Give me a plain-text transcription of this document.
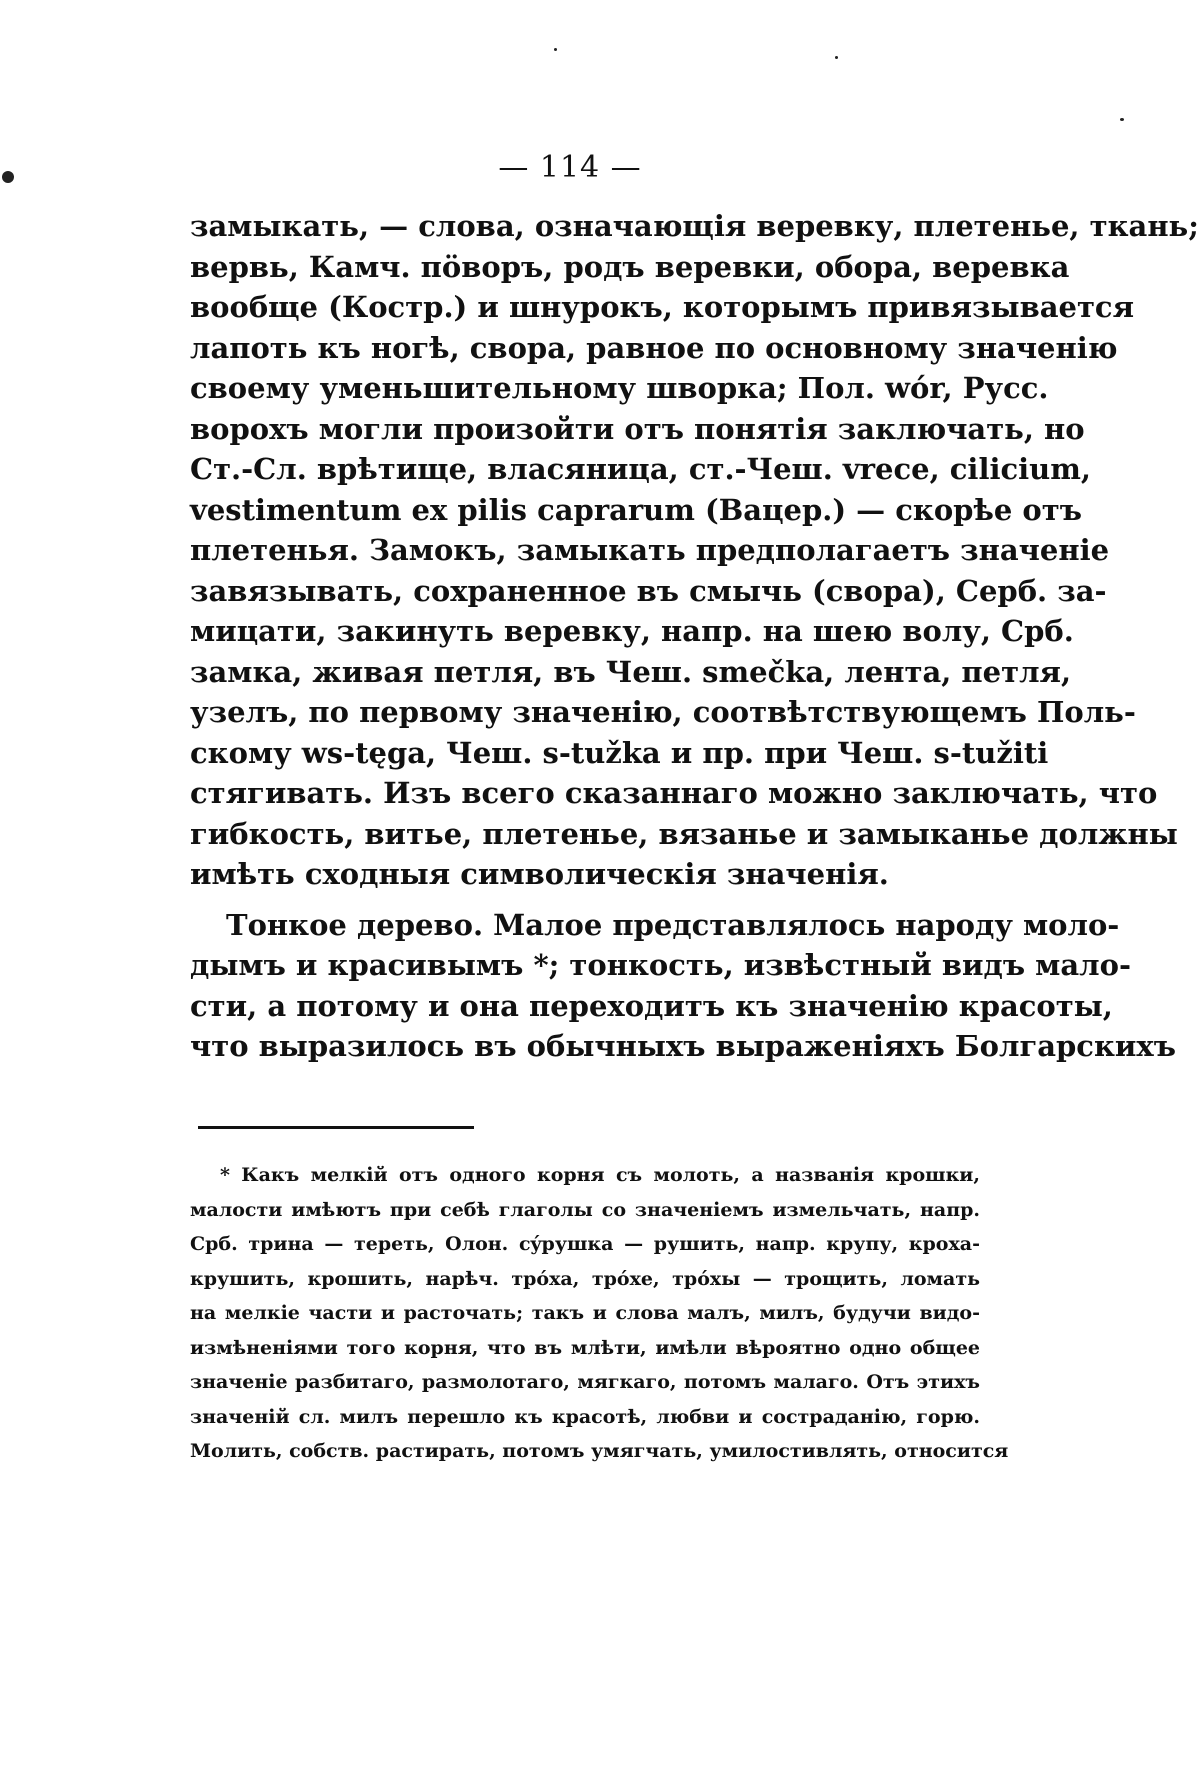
— 114 —
замыкать, — слова, означающія веревку, плетенье, ткань;
вервь, Камч. пӧворъ, родъ веревки, обора, веревка
вообще (Костр.) и шнурокъ, которымъ привязывается
лапоть къ ногѣ, свора, равное по основному значенію
своему уменьшительному шворка; Пол. wór, Русс.
ворохъ могли произойти отъ понятія заключать, но
Ст.-Сл. врѣтище, власяница, ст.-Чеш. vrece, cilicium,
vestimentum ex pilis caprarum (Вацер.) — скорѣе отъ
плетенья. Замокъ, замыкать предполагаетъ значеніе
завязывать, сохраненное въ смычь (свора), Серб. за-
мицати, закинуть веревку, напр. на шею волу, Срб.
замка, живая петля, въ Чеш. smečka, лента, петля,
узелъ, по первому значенію, соотвѣтствующемъ Поль-
скому ws-tęga, Чеш. s-tužka и пр. при Чеш. s-tužiti
стягивать. Изъ всего сказаннаго можно заключать, что
гибкость, витье, плетенье, вязанье и замыканье должны
имѣть сходныя символическія значенія.
Тонкое дерево. Малое представлялось народу моло-
дымъ и красивымъ *; тонкость, извѣстный видъ мало-
сти, а потому и она переходитъ къ значенію красоты,
что выразилось въ обычныхъ выраженіяхъ Болгарскихъ
* Какъ мелкій отъ одного корня съ молоть, а названія крошки,
малости имѣютъ при себѣ глаголы со значеніемъ измельчать, напр.
Срб. трина — тереть, Олон. сýрушка — рушить, напр. крупу, кроха-
крушить, крошить, нарѣч. трóха, трóхе, трóхы — трощить, ломать
на мелкіе части и расточать; такъ и слова малъ, милъ, будучи видо-
измѣненіями того корня, что въ млѣти, имѣли вѣроятно одно общее
значеніе разбитаго, размолотаго, мягкаго, потомъ малаго. Отъ этихъ
значеній сл. милъ перешло къ красотѣ, любви и состраданію, горю.
Молить, собств. растирать, потомъ умягчать, умилостивлять, относится
